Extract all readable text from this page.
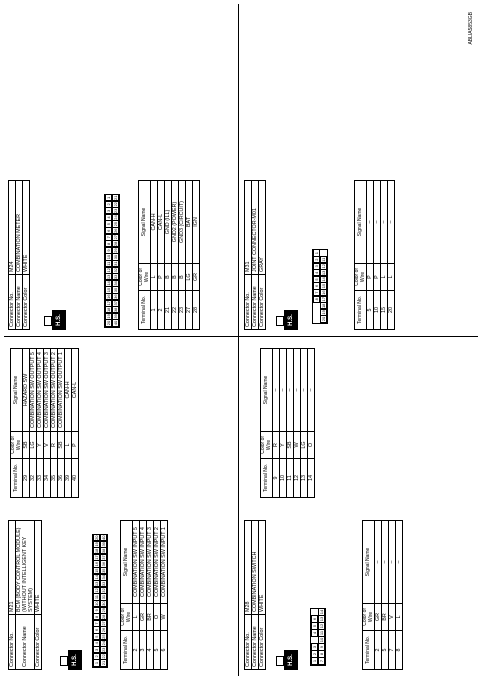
Connector No.	M21
Connector Name	BCM (BODY CONTROL MODULE) (WITHOUT INTELLIGENT KEY SYSTEM)
Connector Color	WHITE
H.S.	1
2
3
4
5
6
7
8
9
10
11
12
13
14
15
16
17
18
19
20
21
22
23
24
25
26
27
28
29
30
31
32
33
34
35
36
37
38
39
40
Terminal No.	Color of Wire	Signal Name
2	L	COMBINATION SW INPUT 5
3	GR	COMBINATION SW INPUT 4
4	BR	COMBINATION SW INPUT 3
5	O	COMBINATION SW INPUT 2
6	W	COMBINATION SW INPUT 1
Terminal No.	Color of Wire	Signal Name
29	SB	HAZARD SW
32	LG	COMBINATION SW OUTPUT 5
33	Y	COMBINATION SW OUTPUT 4
34	V	COMBINATION SW OUTPUT 3
35	R	COMBINATION SW OUTPUT 2
36	SB	COMBINATION SW OUTPUT 1
39	L	CAN-H
40	P	CAN-L
Connector No.	M28
Connector Name	COMBINATION SWITCH
Connector Color	WHITE
H.S.	1
2
3
4
5
6
7
8
9
10
11
12
13
14
Terminal No.	Color of Wire	Signal Name
2	GR	–
5	BR	–
7	V	–
8	L	–
Terminal No.	Color of Wire	Signal Name
9	R	–
10	Y	–
11	SB	–
12	W	–
13	LG	–
14	O	–
Connector No.	M24
Connector Name	COMBINATION METER
Connector Color	WHITE
H.S.	20
19
18
17
16
15
14
13
12
11
10
9
8
7
6
5
4
3
2
1
40
39
38
37
36
35
34
33
32
31
30
29
28
27
26
25
24
23
22
21
Terminal No.	Color of Wire	Signal Name
1	L	CAN-H
2	P	CAN-L
21	B	GND (ILL)
22	B	GND2 (POWER)
23	B	GND3 (CIRCUIT)
27	LG	BAT
28	GR	IGN
Connector No.	M31
Connector Name	JOINT CONNECTOR-M01
Connector Color	GRAY
H.S.
8
7
6
5
4
3
2
1
20
19
18
17
16
15
14
13
12
11
Terminal No.	Color of Wire	Signal Name
5	P	–
10	P	–
15	L	–
20	L	–
ABLIA5853GB
